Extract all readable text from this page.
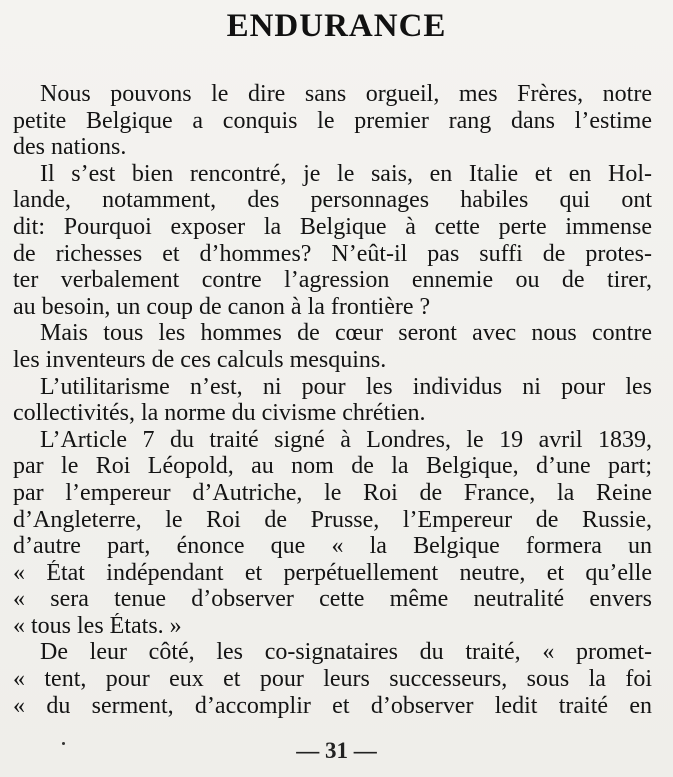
ENDURANCE
Nous pouvons le dire sans orgueil, mes Frères, notre
petite Belgique a conquis le premier rang dans l’estime
des nations.
Il s’est bien rencontré, je le sais, en Italie et en Hol-
lande, notamment, des personnages habiles qui ont
dit: Pourquoi exposer la Belgique à cette perte immense
de richesses et d’hommes? N’eût-il pas suffi de protes-
ter verbalement contre l’agression ennemie ou de tirer,
au besoin, un coup de canon à la frontière ?
Mais tous les hommes de cœur seront avec nous contre
les inventeurs de ces calculs mesquins.
L’utilitarisme n’est, ni pour les individus ni pour les
collectivités, la norme du civisme chrétien.
L’Article 7 du traité signé à Londres, le 19 avril 1839,
par le Roi Léopold, au nom de la Belgique, d’une part;
par l’empereur d’Autriche, le Roi de France, la Reine
d’Angleterre, le Roi de Prusse, l’Empereur de Russie,
d’autre part, énonce que « la Belgique formera un
« ⁠État indépendant et perpétuellement neutre, et qu’elle
« sera tenue d’observer cette même neutralité envers
« tous les États. »
De leur côté, les co-signataires du traité, « promet-
« tent, pour eux et pour leurs successeurs, sous la foi
« du serment, d’accomplir et d’observer ledit traité en
— 31 —
